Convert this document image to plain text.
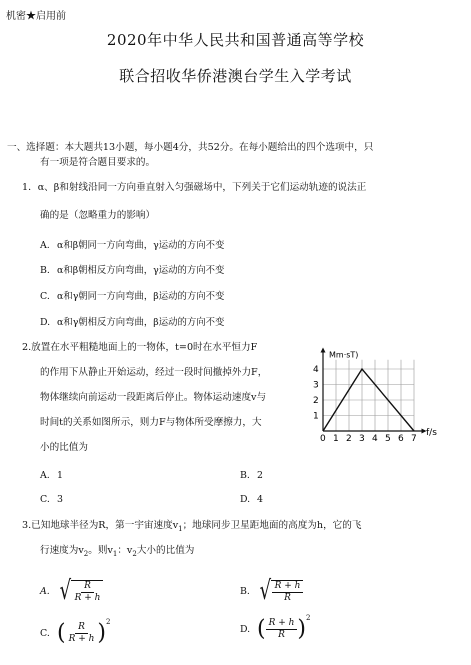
机密★启用前
2020年中华人民共和国普通高等学校
联合招收华侨港澳台学生入学考试
一、选择题：本大题共13小题，每小题4分，共52分。在每小题给出的四个选项中，只
有一项是符合题目要求的。
1．α、β和射线沿同一方向垂直射入匀强磁场中，下列关于它们运动轨迹的说法正
确的是（忽略重力的影响）
A. α和β朝同一方向弯曲，γ运动的方向不变
B. α和β朝相反方向弯曲，γ运动的方向不变
C. α和γ朝同一方向弯曲，β运动的方向不变
D. α和γ朝相反方向弯曲，β运动的方向不变
2.放置在水平粗糙地面上的一物体，t=0时在水平恒力F
的作用下从静止开始运动，经过一段时间撤掉外力F，
物体继续向前运动一段距离后停止。物体运动速度v与
时间t的关系如图所示，则力F与物体所受摩擦力，大
小的比值为
Mm·sT)
f/s
0 1 2 3 4 5 6 7
1
2
3
4
A. 1	B. 2
C. 3	D. 4
3.已知地球半径为R，第一宇宙速度$v_1$；地球同步卫星距地面的高度为h，它的飞
行速度为$v_2$。则$v_1$：$v_2$大小的比值为
A. √ $\frac{R}{R + h}$	B. √ $\frac{R + h}{R}$
C. ( $\frac{R}{R + h} )^2$
D. ( $\frac{R + h}{R} )^2$
